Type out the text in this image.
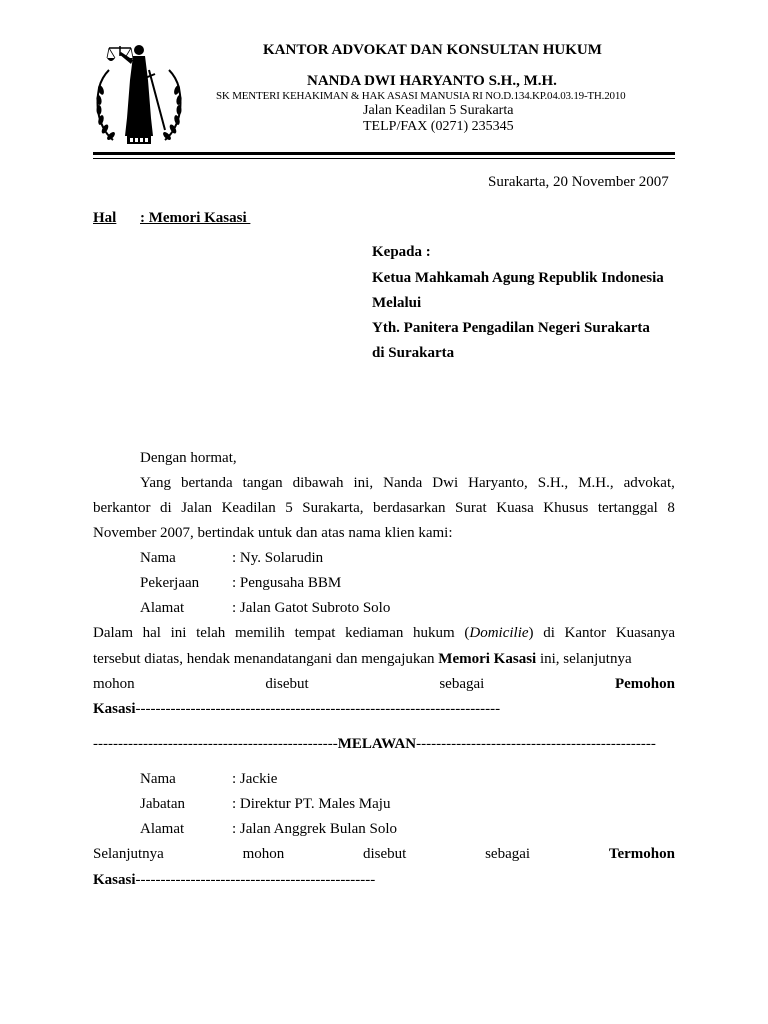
KANTOR ADVOKAT DAN KONSULTAN HUKUM
NANDA DWI HARYANTO S.H., M.H.
SK MENTERI KEHAKIMAN & HAK ASASI MANUSIA RI NO.D.134.KP.04.03.19-TH.2010
Jalan Keadilan 5 Surakarta
TELP/FAX (0271) 235345
Surakarta, 20 November 2007
Hal : Memori Kasasi
Kepada :
Ketua Mahkamah Agung Republik Indonesia
Melalui
Yth. Panitera Pengadilan Negeri Surakarta
di Surakarta
Dengan hormat,
Yang bertanda tangan dibawah ini, Nanda Dwi Haryanto, S.H., M.H., advokat,
berkantor di Jalan Keadilan 5 Surakarta, berdasarkan Surat Kuasa Khusus tertanggal 8
November 2007, bertindak untuk dan atas nama klien kami:
Nama	: Ny. Solarudin
Pekerjaan : Pengusaha BBM
Alamat	: Jalan Gatot Subroto Solo
Dalam hal ini telah memilih tempat kediaman hukum (Domicilie) di Kantor Kuasanya
tersebut diatas, hendak menandatangani dan mengajukan Memori Kasasi ini, selanjutnya
mohon	disebut	sebagai	Pemohon
Kasasi-------------------------------------------------------------------------
-------------------------------------------------MELAWAN------------------------------------------------
Nama	: Jackie
Jabatan	: Direktur PT. Males Maju
Alamat	: Jalan Anggrek Bulan Solo
Selanjutnya	mohon	disebut	sebagai	Termohon
Kasasi------------------------------------------------
